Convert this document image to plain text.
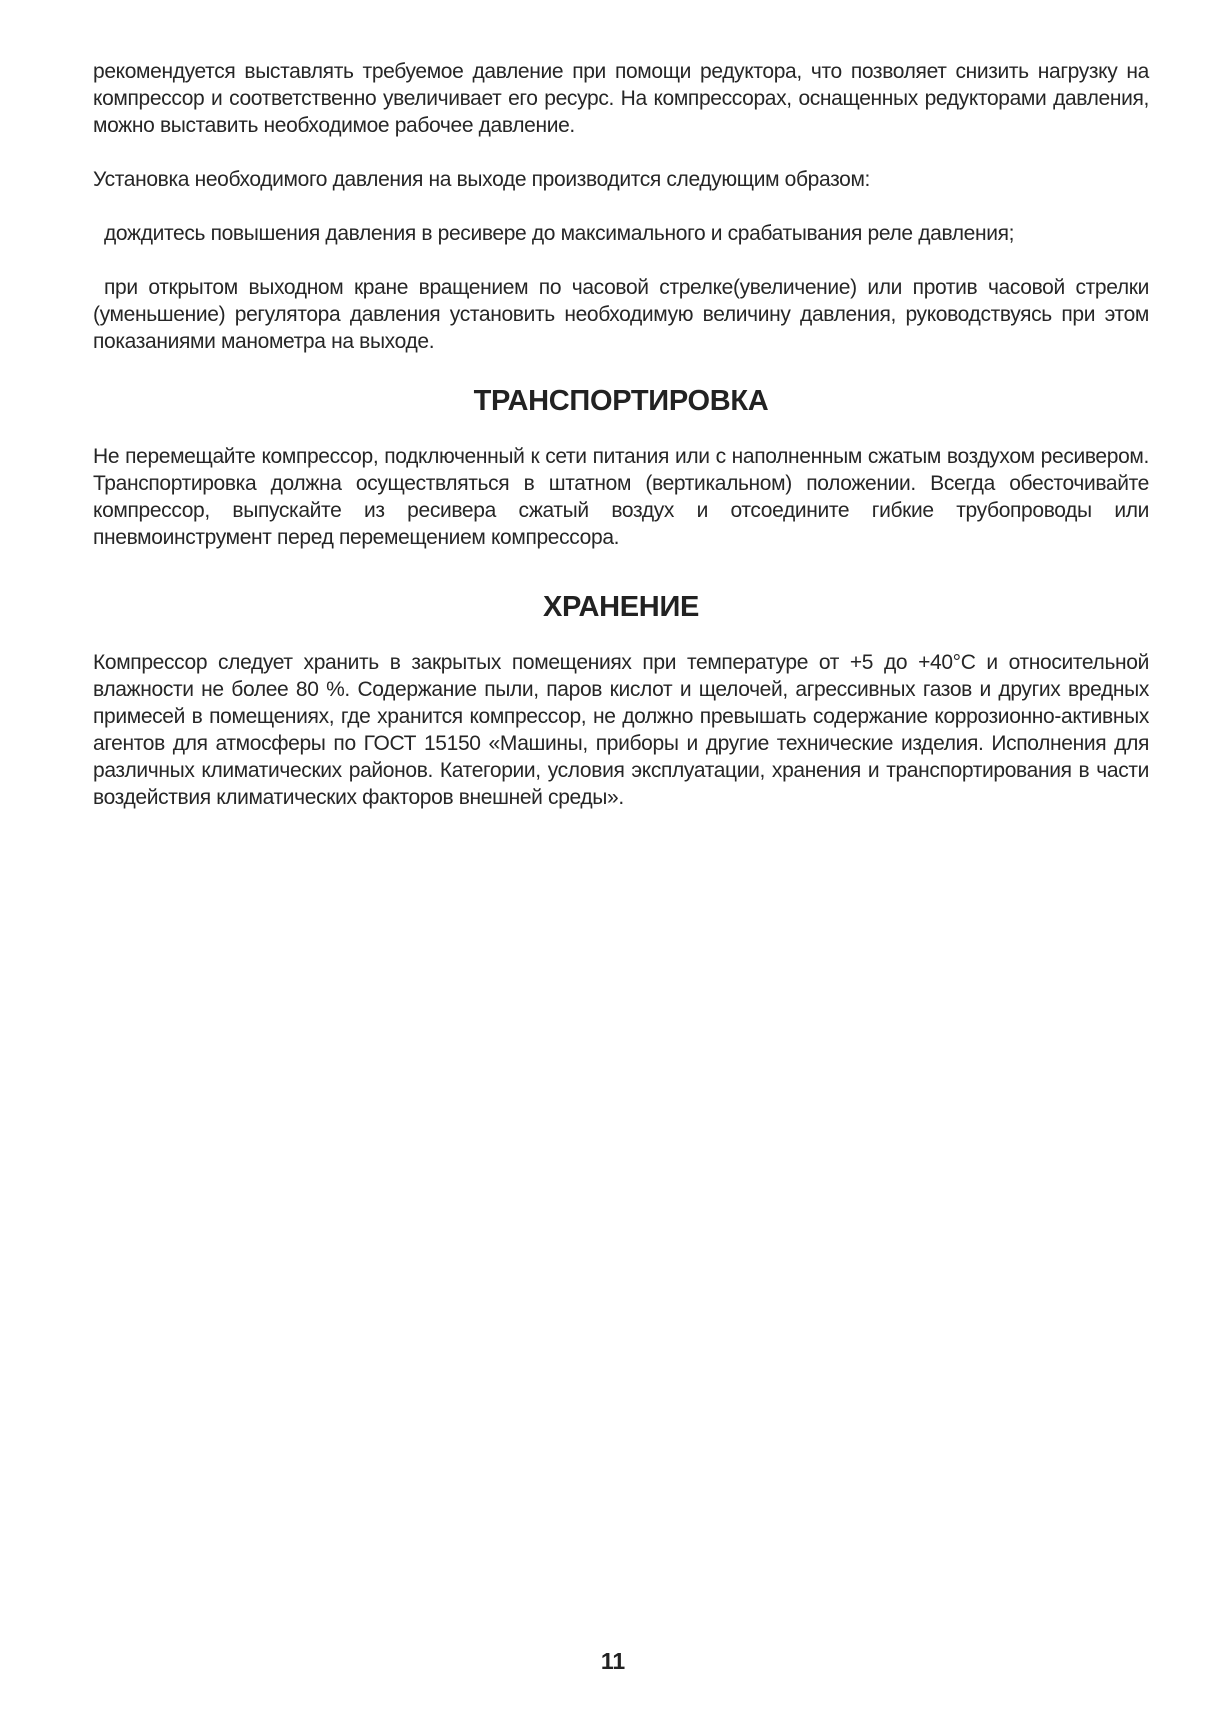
рекомендуется выставлять требуемое давление при помощи редуктора, что позволяет снизить нагрузку на компрессор и соответственно увеличивает его ресурс. На компрессорах, оснащенных редукторами давления, можно выставить необходимое рабочее давление.

Установка необходимого давления на выходе производится следующим образом:

дождитесь повышения давления в ресивере до максимального и срабатывания реле давления;

при открытом выходном кране вращением по часовой стрелке(увеличение) или против часовой стрелки (уменьшение) регулятора давления установить необходимую величину давления, руководствуясь при этом показаниями манометра на выходе.

ТРАНСПОРТИРОВКА

Не перемещайте компрессор, подключенный к сети питания или с наполненным сжатым воздухом ресивером. Транспортировка должна осуществляться в штатном (вертикальном) положении. Всегда обесточивайте компрессор, выпускайте из ресивера сжатый воздух и отсоедините гибкие трубопроводы или пневмоинструмент перед перемещением компрессора.

ХРАНЕНИЕ

Компрессор следует хранить в закрытых помещениях при температуре от +5 до +40°С и относительной влажности не более 80 %. Содержание пыли, паров кислот и щелочей, агрессивных газов и других вредных примесей в помещениях, где хранится компрессор, не должно превышать содержание коррозионно-активных агентов для атмосферы по ГОСТ 15150 «Машины, приборы и другие технические изделия. Исполнения для различных климатических районов. Категории, условия эксплуатации, хранения и транспортирования в части воздействия климатических факторов внешней среды».

11
